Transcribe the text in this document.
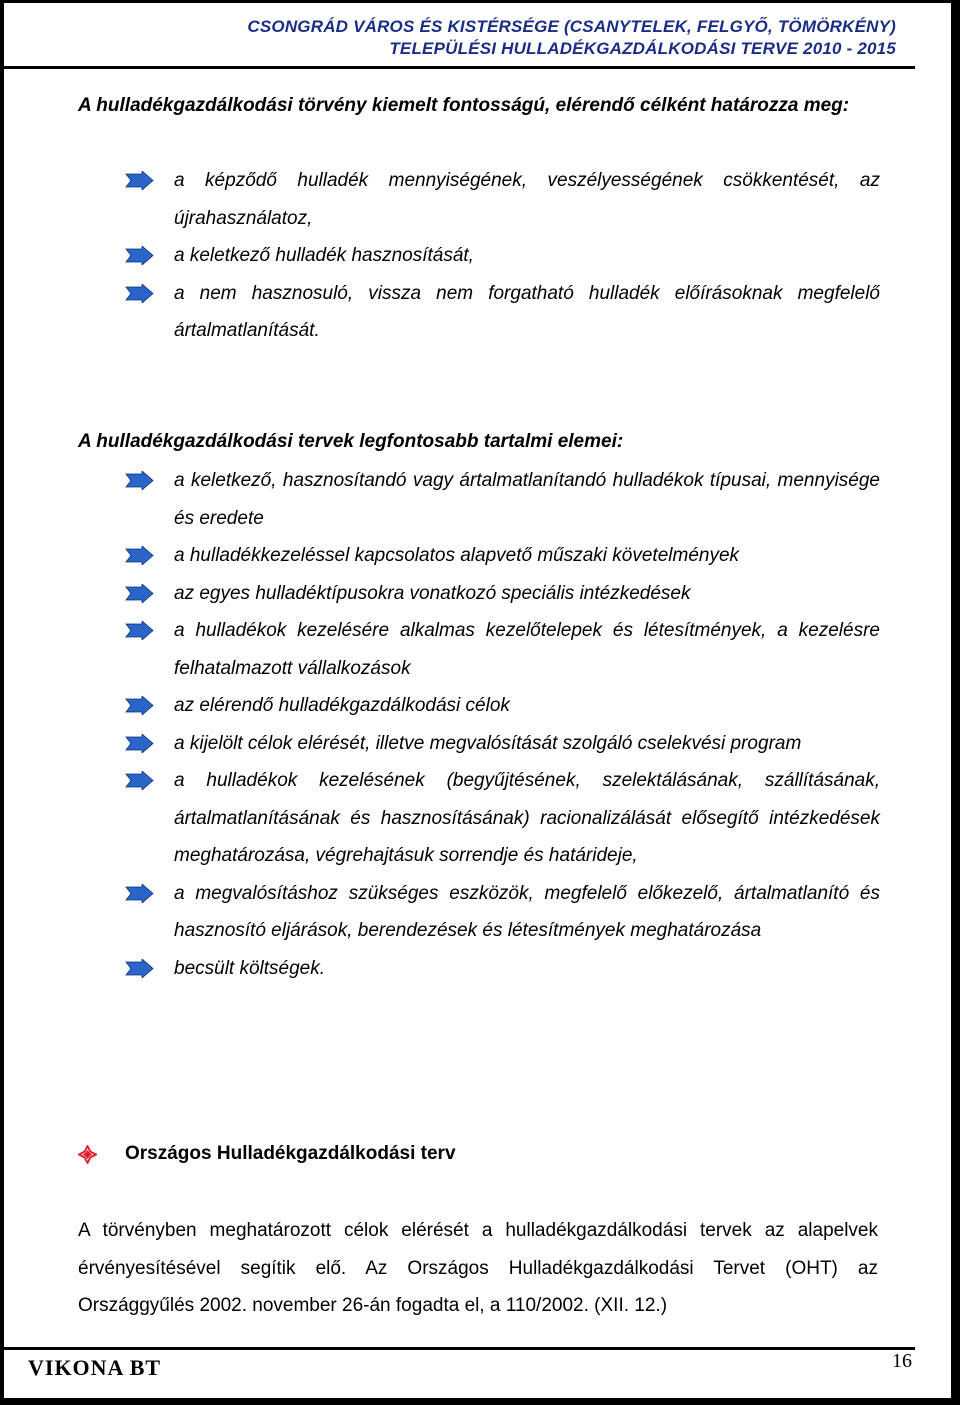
CSONGRÁD VÁROS ÉS KISTÉRSÉGE (CSANYTELEK, FELGYŐ, TÖMÖRKÉNY)
TELEPÜLÉSI HULLADÉKGAZDÁLKODÁSI TERVE 2010 - 2015
A hulladékgazdálkodási törvény kiemelt fontosságú, elérendő célként határozza meg:
a képződő hulladék mennyiségének, veszélyességének csökkentését, az újrahasználatoz,
a keletkező hulladék hasznosítását,
a nem hasznosuló, vissza nem forgatható hulladék előírásoknak megfelelő ártalmatlanítását.
A hulladékgazdálkodási tervek legfontosabb tartalmi elemei:
a keletkező, hasznosítandó vagy ártalmatlanítandó hulladékok típusai, mennyisége és eredete
a hulladékkezeléssel kapcsolatos alapvető műszaki követelmények
az egyes hulladéktípusokra vonatkozó speciális intézkedések
a hulladékok kezelésére alkalmas kezelőtelepek és létesítmények, a kezelésre felhatalmazott vállalkozások
az elérendő hulladékgazdálkodási célok
a kijelölt célok elérését, illetve megvalósítását szolgáló cselekvési program
a hulladékok kezelésének (begyűjtésének, szelektálásának, szállításának, ártalmatlanításának és hasznosításának) racionalizálását elősegítő intézkedések meghatározása, végrehajtásuk sorrendje és határideje,
a megvalósításhoz szükséges eszközök, megfelelő előkezelő, ártalmatlanító és hasznosító eljárások, berendezések és létesítmények meghatározása
becsült költségek.
Országos Hulladékgazdálkodási terv
A törvényben meghatározott célok elérését a hulladékgazdálkodási tervek az alapelvek érvényesítésével segítik elő. Az Országos Hulladékgazdálkodási Tervet (OHT) az Országgyűlés 2002. november 26-án fogadta el, a 110/2002. (XII. 12.)
VIKONA BT	16
